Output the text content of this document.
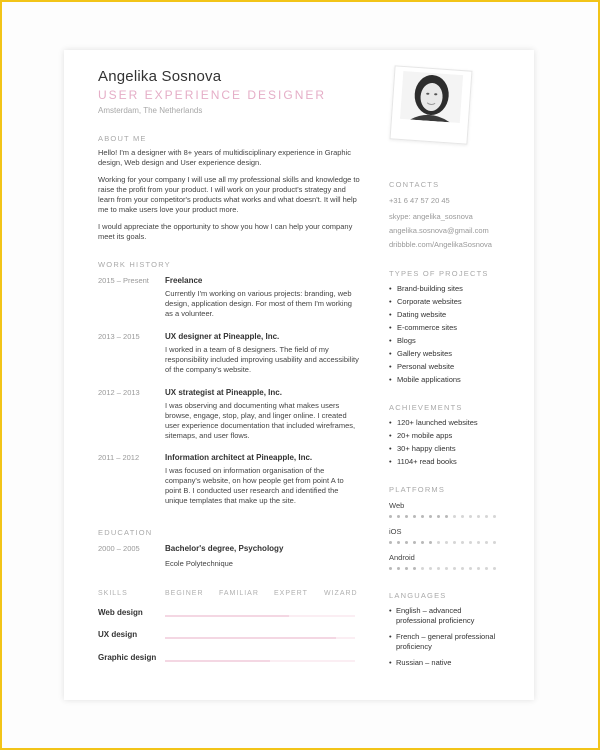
Angelika Sosnova
USER EXPERIENCE DESIGNER
Amsterdam, The Netherlands
ABOUT ME

Hello! I'm a designer with 8+ years of multidisciplinary experience in Graphic design, Web design and User experience design.

Working for your company I will use all my professional skills and knowledge to raise the profit from your product. I will work on your product's strategy and learn from your competitor's products what works and what doesn't. It will help me to make users love your product more.

I would appreciate the opportunity to show you how I can help your company meet its goals.

WORK HISTORY
2015 – Present Freelance
Currently I'm working on various projects: branding, web design, application design. For most of them I'm working as a volunteer.
2013 – 2015	UX designer at Pineapple, Inc.
I worked in a team of 8 designers. The field of my responsibility included improving usability and accessibility of the company's website.
2012 – 2013	UX strategist at Pineapple, Inc.
I was observing and documenting what makes users browse, engage, stop, play, and linger online. I created user experience documentation that included wireframes, sitemaps, and user flows.
2011 – 2012	Information architect at Pineapple, Inc.
I was focused on information organisation of the company's website, on how people get from point A to point B. I conducted user research and identified the unique templates that make up the site.
EDUCATION
2000 – 2005	Bachelor's degree, Psychology
Ecole Polytechnique
SKILLS	BEGINER FAMILIAR EXPERT WIZARD
Web design
UX design
Graphic design
CONTACTS
+31 6 47 57 20 45
skype: angelika_sosnova
angelika.sosnova@gmail.com
dribbble.com/AngelikaSosnova
TYPES OF PROJECTS
• Brand-building sites
• Corporate websites
• Dating website
• E-commerce sites
• Blogs
• Gallery websites
• Personal website
• Mobile applications
ACHIEVEMENTS
• 120+ launched websites
• 20+ mobile apps
• 30+ happy clients
• 1104+ read books
PLATFORMS
Web
iOS
Android
LANGUAGES
• English – advanced professional proficiency
• French – general professional proficiency
• Russian – native
